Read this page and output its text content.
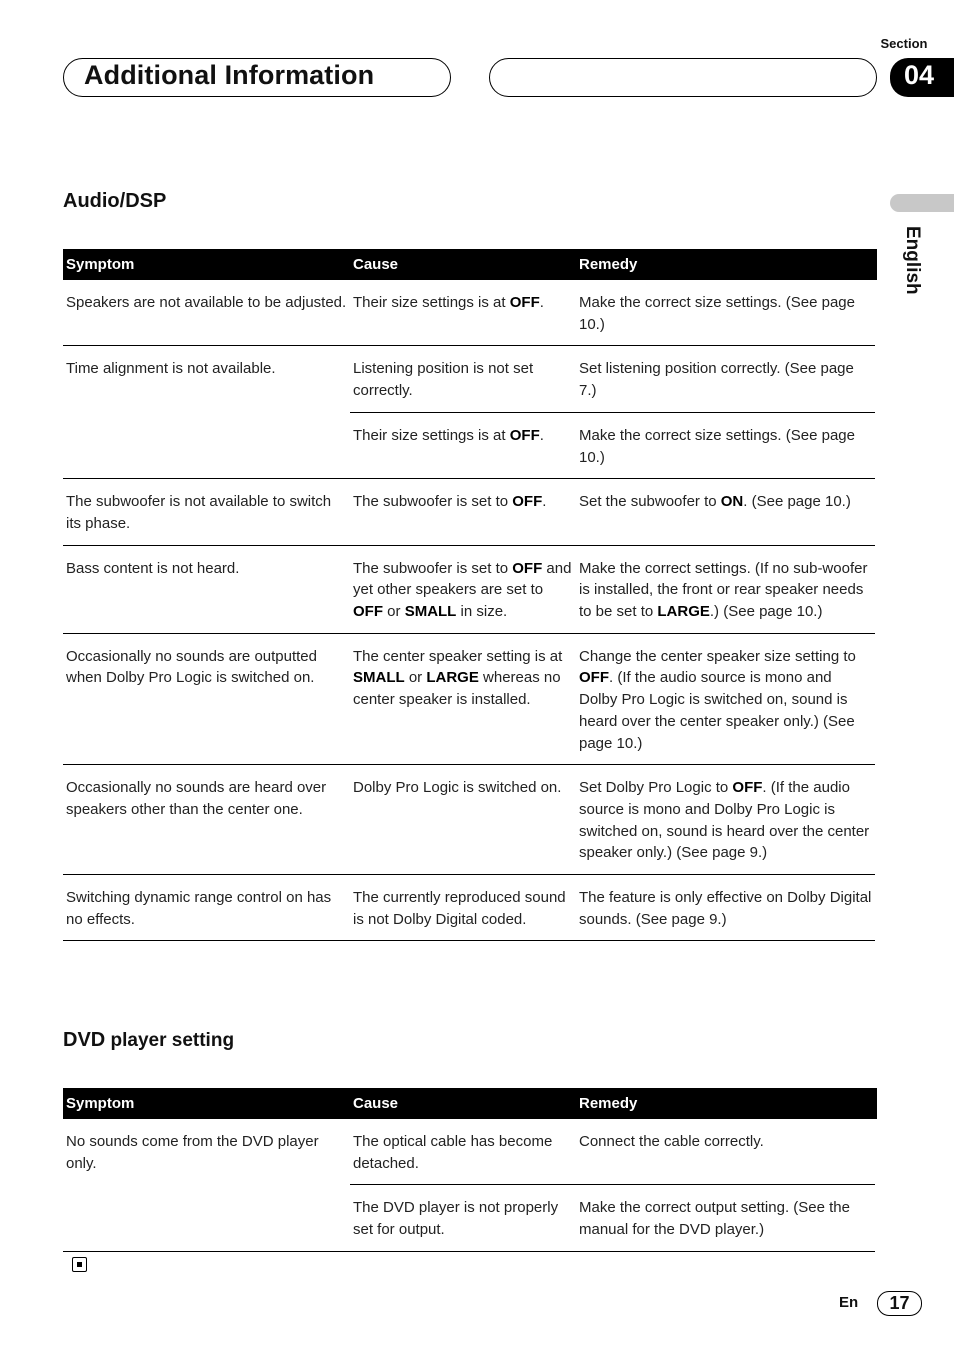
Section
Additional Information	04
English
Audio/DSP
Symptom	Cause	Remedy
Speakers are not available to be adjusted.	Their size settings is at OFF.	Make the correct size settings. (See page 10.)
Time alignment is not available.	Listening position is not set correctly.	Set listening position correctly. (See page 7.)
	Their size settings is at OFF.	Make the correct size settings. (See page 10.)
The subwoofer is not available to switch its phase.	The subwoofer is set to OFF.	Set the subwoofer to ON. (See page 10.)
Bass content is not heard.	The subwoofer is set to OFF and yet other speakers are set to OFF or SMALL in size.	Make the correct settings. (If no sub-woofer is installed, the front or rear speaker needs to be set to LARGE.) (See page 10.)
Occasionally no sounds are outputted when Dolby Pro Logic is switched on.	The center speaker setting is at SMALL or LARGE whereas no center speaker is installed.	Change the center speaker size setting to OFF. (If the audio source is mono and Dolby Pro Logic is switched on, sound is heard over the center speaker only.) (See page 10.)
Occasionally no sounds are heard over speakers other than the center one.	Dolby Pro Logic is switched on.	Set Dolby Pro Logic to OFF. (If the audio source is mono and Dolby Pro Logic is switched on, sound is heard over the center speaker only.) (See page 9.)
Switching dynamic range control on has no effects.	The currently reproduced sound is not Dolby Digital coded.	The feature is only effective on Dolby Digital sounds. (See page 9.)
DVD player setting
Symptom	Cause	Remedy
No sounds come from the DVD player only.	The optical cable has become detached.	Connect the cable correctly.
	The DVD player is not properly set for output.	Make the correct output setting. (See the manual for the DVD player.)
En	17
